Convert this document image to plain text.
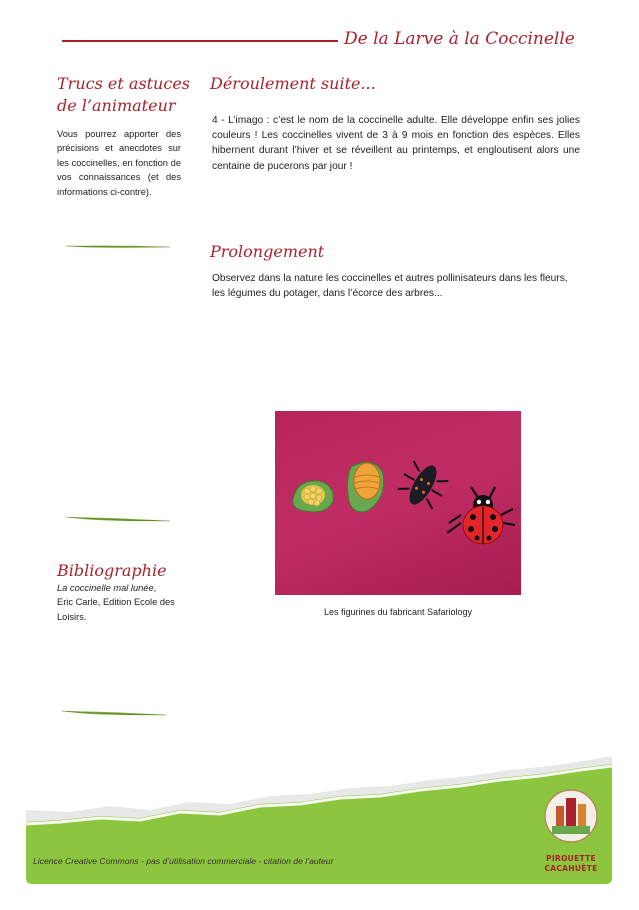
De la Larve à la Coccinelle
Trucs et astuces
de l’animateur
Vous pourrez apporter des précisions et anecdotes sur les coccinelles, en fonction de vos connaissances (et des informations ci-contre).
Bibliographie
La coccinelle mal lunée,
Eric Carle, Edition Ecole des Loisirs.
Déroulement suite...
4 - L’imago : c’est le nom de la coccinelle adulte. Elle développe enfin ses jolies couleurs ! Les coccinelles vivent de 3 à 9 mois en fonction des espèces. Elles hibernent durant l’hiver et se réveillent au printemps, et engloutisent alors une centaine de pucerons par jour !
Prolongement
Observez dans la nature les coccinelles et autres pollinisateurs dans les fleurs, les légumes du potager, dans l’écorce des arbres...
Les figurines du fabricant Safariology
Licence Creative Commons - pas d’utilisation commerciale - citation de l’auteur	PIROUETTE
CACAHUÈTE
